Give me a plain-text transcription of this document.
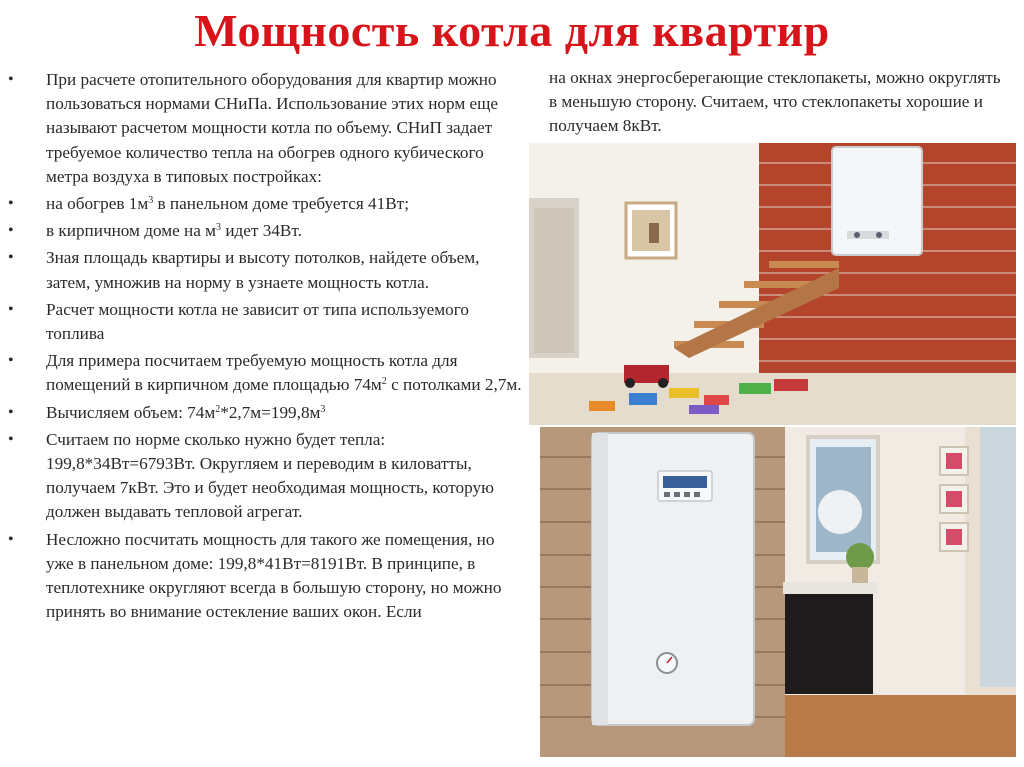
Мощность котла для квартир
• При расчете отопительного оборудования для квартир можно пользоваться нормами СНиПа. Использование этих норм еще называют расчетом мощности котла по объему. СНиП задает требуемое количество тепла на обогрев одного кубического метра воздуха в типовых постройках:
• на обогрев $1м^3$ в панельном доме требуется 41Вт;
• в кирпичном доме на $м^3$ идет 34Вт.
• Зная площадь квартиры и высоту потолков, найдете объем, затем, умножив на норму в узнаете мощность котла.
• Расчет мощности котла не зависит от типа используемого топлива
• Для примера посчитаем требуемую мощность котла для помещений в кирпичном доме площадью $74м^2$ с потолками 2,7м.
• Вычисляем объем: $74м^2*2,7м=199,8м^3$
• Считаем по норме сколько нужно будет тепла: 199,8*34Вт=6793Вт. Округляем и переводим в киловатты, получаем 7кВт. Это и будет необходимая мощность, которую должен выдавать тепловой агрегат.
• Несложно посчитать мощность для такого же помещения, но уже в панельном доме: 199,8*41Вт=8191Вт. В принципе, в теплотехнике округляют всегда в большую сторону, но можно принять во внимание остекление ваших окон. Если

на окнах энергосберегающие стеклопакеты, можно округлять в меньшую сторону. Считаем, что стеклопакеты хорошие и получаем 8кВт.
